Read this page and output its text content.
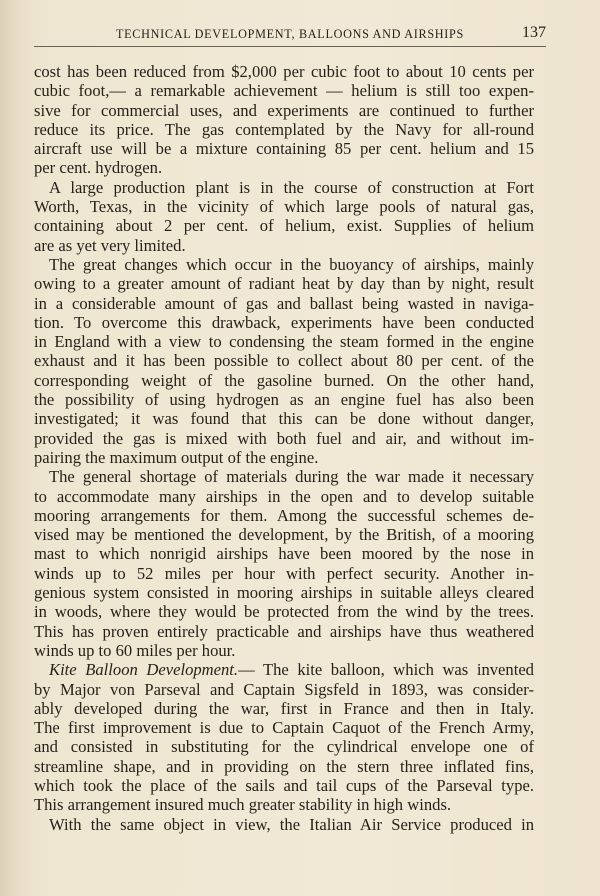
TECHNICAL DEVELOPMENT, BALLOONS AND AIRSHIPS	137
cost has been reduced from $2,000 per cubic foot to about 10 cents per
cubic foot,— a remarkable achievement — helium is still too expen-
sive for commercial uses, and experiments are continued to further
reduce its price. The gas contemplated by the Navy for all-round
aircraft use will be a mixture containing 85 per cent. helium and 15
per cent. hydrogen.
A large production plant is in the course of construction at Fort
Worth, Texas, in the vicinity of which large pools of natural gas,
containing about 2 per cent. of helium, exist. Supplies of helium
are as yet very limited.
The great changes which occur in the buoyancy of airships, mainly
owing to a greater amount of radiant heat by day than by night, result
in a considerable amount of gas and ballast being wasted in naviga-
tion. To overcome this drawback, experiments have been conducted
in England with a view to condensing the steam formed in the engine
exhaust and it has been possible to collect about 80 per cent. of the
corresponding weight of the gasoline burned. On the other hand,
the possibility of using hydrogen as an engine fuel has also been
investigated; it was found that this can be done without danger,
provided the gas is mixed with both fuel and air, and without im-
pairing the maximum output of the engine.
The general shortage of materials during the war made it necessary
to accommodate many airships in the open and to develop suitable
mooring arrangements for them. Among the successful schemes de-
vised may be mentioned the development, by the British, of a mooring
mast to which nonrigid airships have been moored by the nose in
winds up to 52 miles per hour with perfect security. Another in-
genious system consisted in mooring airships in suitable alleys cleared
in woods, where they would be protected from the wind by the trees.
This has proven entirely practicable and airships have thus weathered
winds up to 60 miles per hour.
Kite Balloon Development.— The kite balloon, which was invented
by Major von Parseval and Captain Sigsfeld in 1893, was consider-
ably developed during the war, first in France and then in Italy.
The first improvement is due to Captain Caquot of the French Army,
and consisted in substituting for the cylindrical envelope one of
streamline shape, and in providing on the stern three inflated fins,
which took the place of the sails and tail cups of the Parseval type.
This arrangement insured much greater stability in high winds.
With the same object in view, the Italian Air Service produced in
